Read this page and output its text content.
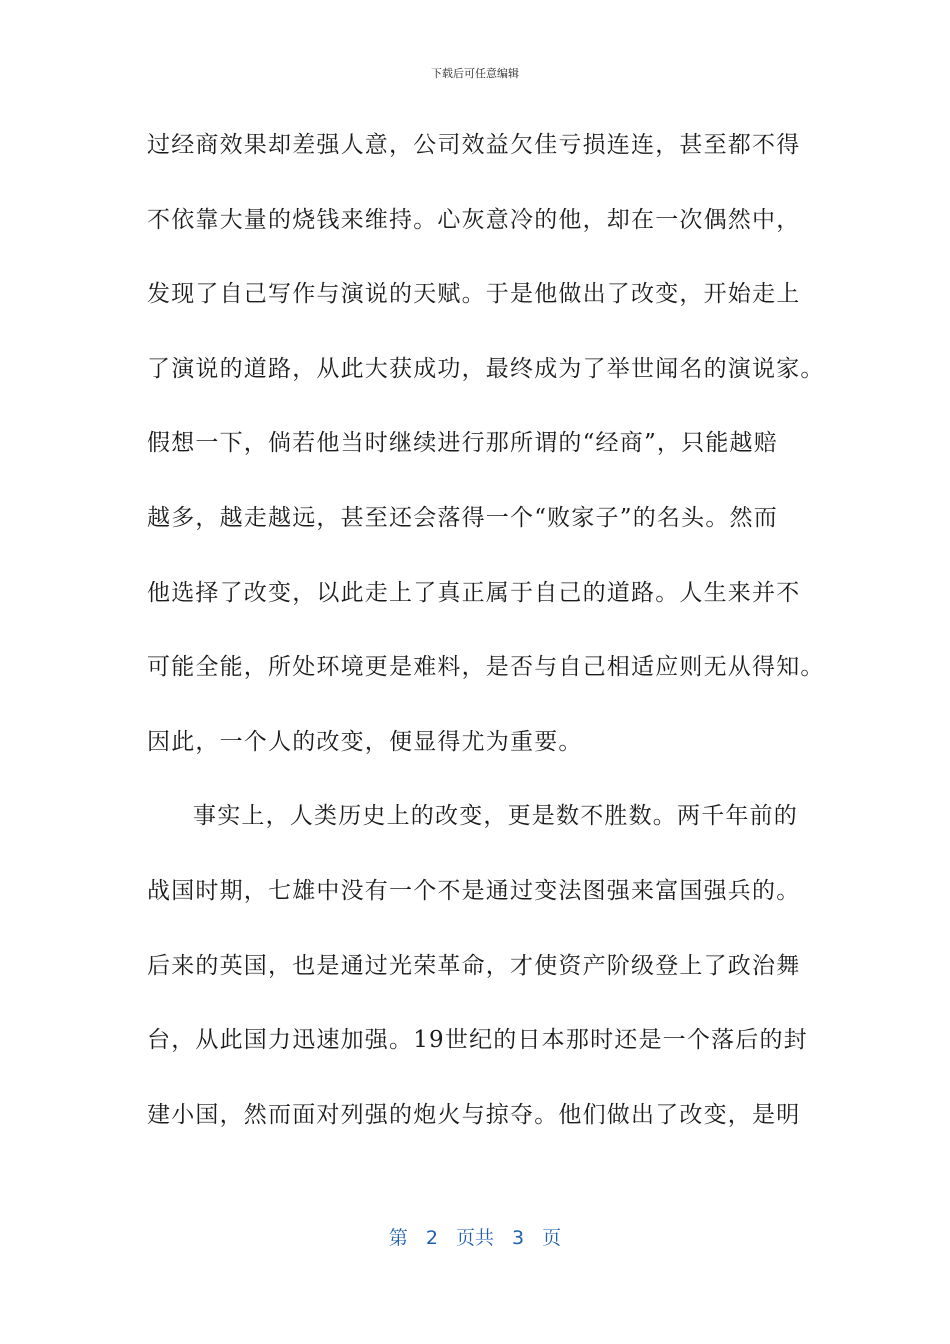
下载后可任意编辑
过经商效果却差强人意，公司效益欠佳亏损连连，甚至都不得
不依靠大量的烧钱来维持。心灰意冷的他，却在一次偶然中，
发现了自己写作与演说的天赋。于是他做出了改变，开始走上
了演说的道路，从此大获成功，最终成为了举世闻名的演说家。
假想一下，倘若他当时继续进行那所谓的“经商”，只能越赔
越多，越走越远，甚至还会落得一个“败家子”的名头。然而
他选择了改变，以此走上了真正属于自己的道路。人生来并不
可能全能，所处环境更是难料，是否与自己相适应则无从得知。
因此，一个人的改变，便显得尤为重要。
事实上，人类历史上的改变，更是数不胜数。两千年前的
战国时期，七雄中没有一个不是通过变法图强来富国强兵的。
后来的英国，也是通过光荣革命，才使资产阶级登上了政治舞
台，从此国力迅速加强。19世纪的日本那时还是一个落后的封
建小国，然而面对列强的炮火与掠夺。他们做出了改变，是明
第 2 页共 3 页
